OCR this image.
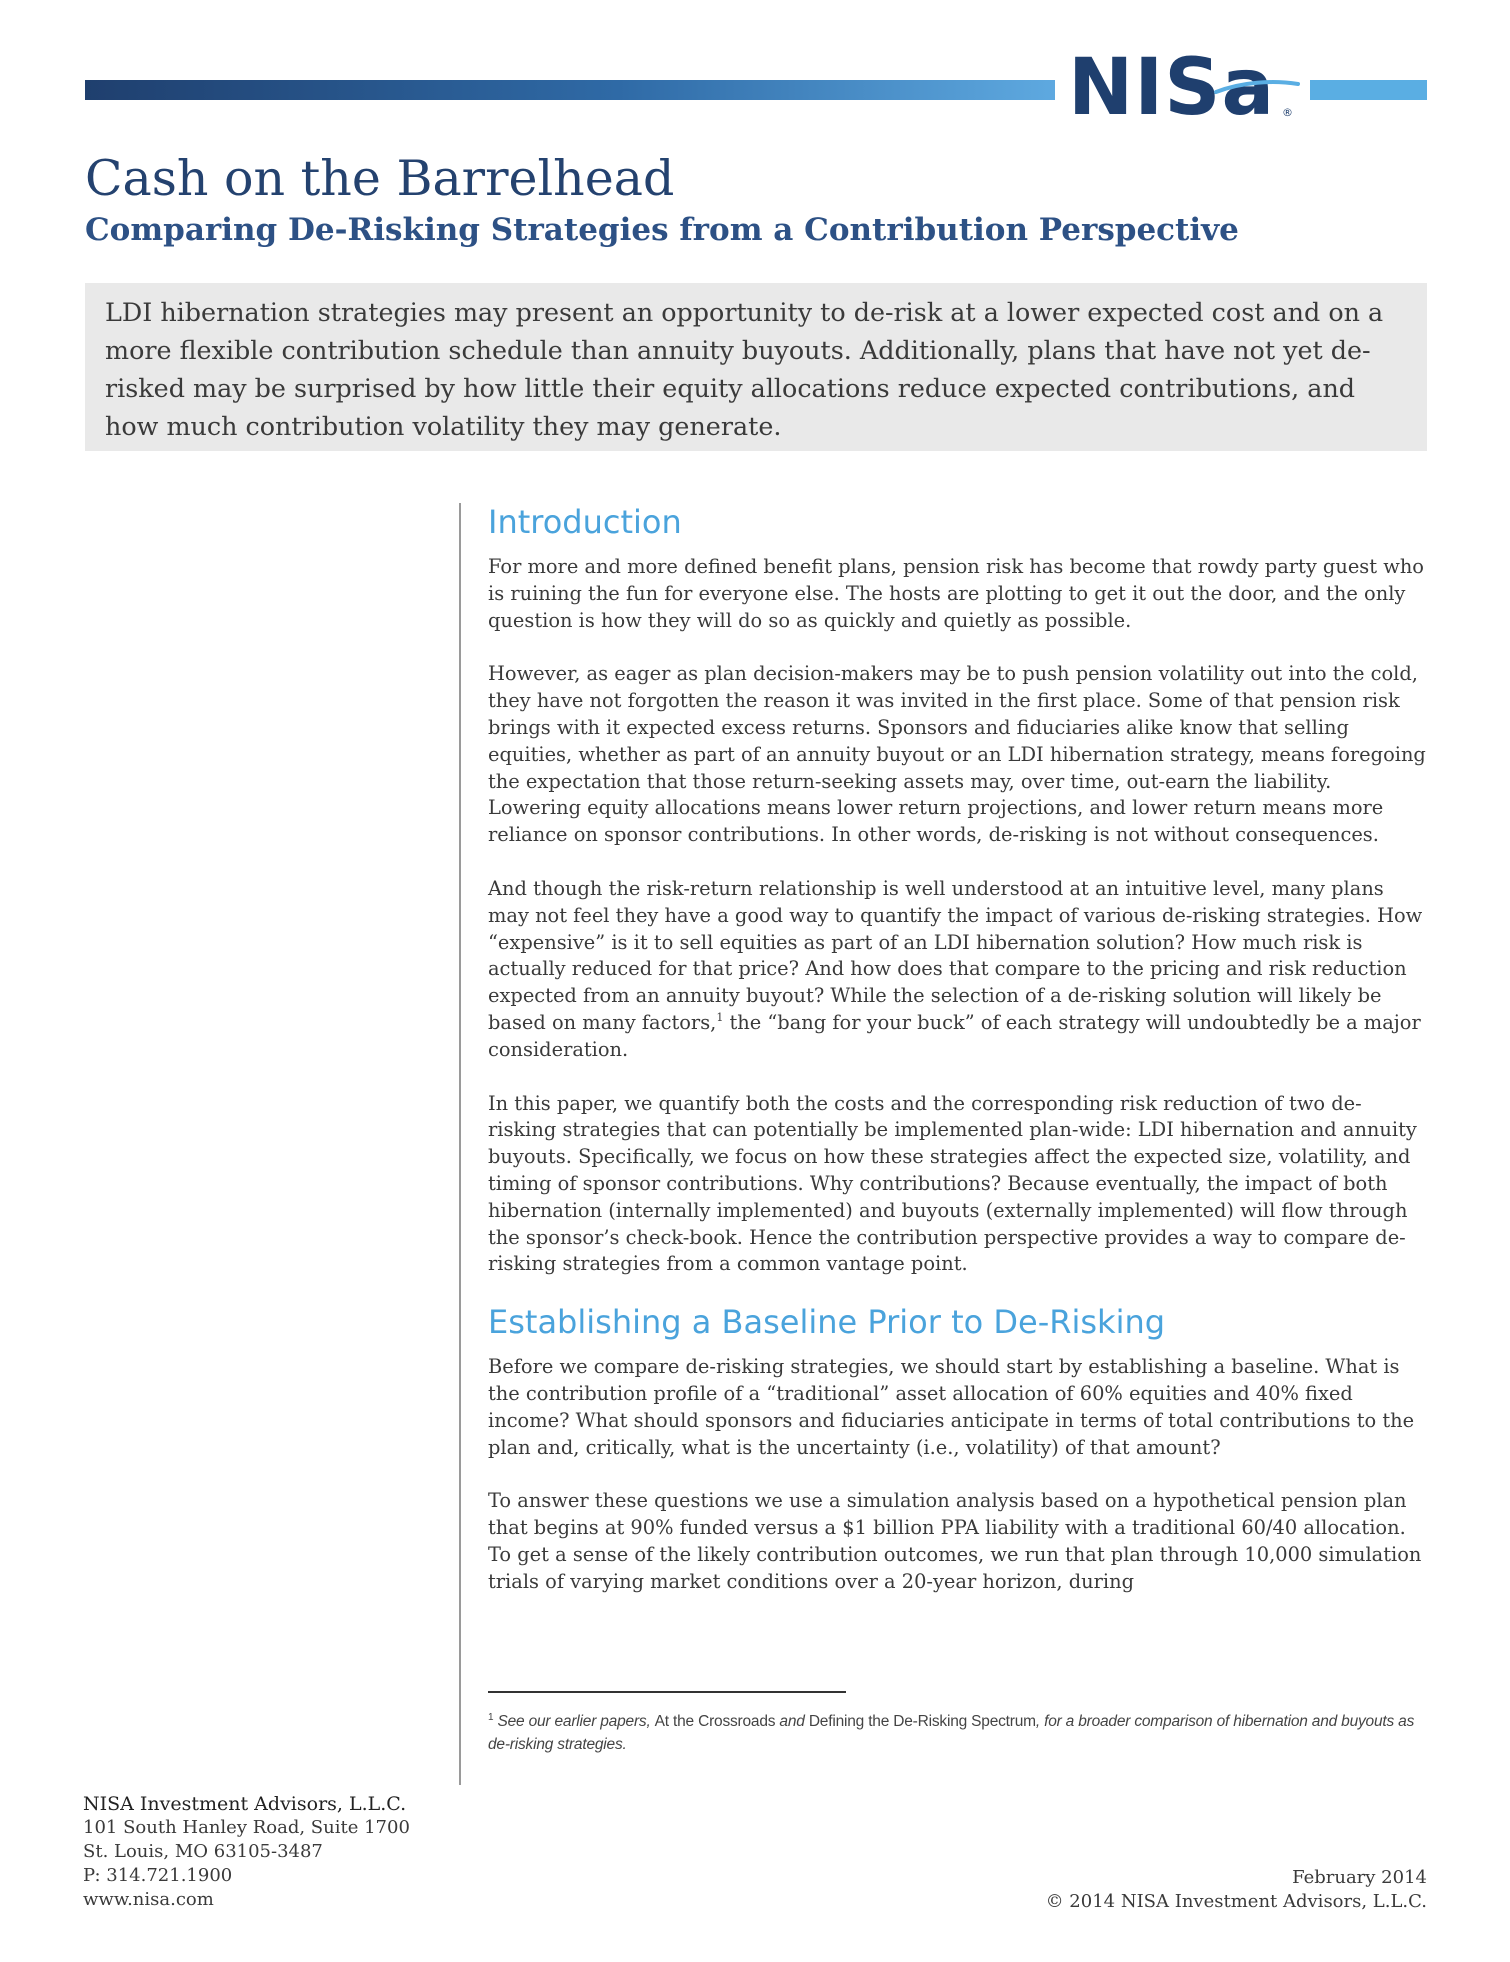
NISa ®
Cash on the Barrelhead
Comparing De-Risking Strategies from a Contribution Perspective

LDI hibernation strategies may present an opportunity to de-risk at a lower expected cost and on a more flexible contribution schedule than annuity buyouts. Additionally, plans that have not yet de-risked may be surprised by how little their equity allocations reduce expected contributions, and how much contribution volatility they may generate.

Introduction

For more and more defined benefit plans, pension risk has become that rowdy party guest who is ruining the fun for everyone else. The hosts are plotting to get it out the door, and the only question is how they will do so as quickly and quietly as possible.

However, as eager as plan decision-makers may be to push pension volatility out into the cold, they have not forgotten the reason it was invited in the first place. Some of that pension risk brings with it expected excess returns. Sponsors and fiduciaries alike know that selling equities, whether as part of an annuity buyout or an LDI hibernation strategy, means foregoing the expectation that those return-seeking assets may, over time, out-earn the liability. Lowering equity allocations means lower return projections, and lower return means more reliance on sponsor contributions. In other words, de-risking is not without consequences.

And though the risk-return relationship is well understood at an intuitive level, many plans may not feel they have a good way to quantify the impact of various de-risking strategies. How “expensive” is it to sell equities as part of an LDI hibernation solution? How much risk is actually reduced for that price? And how does that compare to the pricing and risk reduction expected from an annuity buyout? While the selection of a de-risking solution will likely be based on many factors,$^1$ the “bang for your buck” of each strategy will undoubtedly be a major consideration.

In this paper, we quantify both the costs and the corresponding risk reduction of two de-risking strategies that can potentially be implemented plan-wide: LDI hibernation and annuity buyouts. Specifically, we focus on how these strategies affect the expected size, volatility, and timing of sponsor contributions. Why contributions? Because eventually, the impact of both hibernation (internally implemented) and buyouts (externally implemented) will flow through the sponsor’s check-book. Hence the contribution perspective provides a way to compare de-risking strategies from a common vantage point.

Establishing a Baseline Prior to De-Risking

Before we compare de-risking strategies, we should start by establishing a baseline. What is the contribution profile of a “traditional” asset allocation of 60% equities and 40% fixed income? What should sponsors and fiduciaries anticipate in terms of total contributions to the plan and, critically, what is the uncertainty (i.e., volatility) of that amount?

To answer these questions we use a simulation analysis based on a hypothetical pension plan that begins at 90% funded versus a $1 billion PPA liability with a traditional 60/40 allocation. To get a sense of the likely contribution outcomes, we run that plan through 10,000 simulation trials of varying market conditions over a 20-year horizon, during

$^1$ See our earlier papers, At the Crossroads and Defining the De-Risking Spectrum, for a broader comparison of hibernation and buyouts as de-risking strategies.
NISA Investment Advisors, L.L.C.
101 South Hanley Road, Suite 1700
St. Louis, MO 63105-3487
P: 314.721.1900
www.nisa.com
February 2014
© 2014 NISA Investment Advisors, L.L.C.
